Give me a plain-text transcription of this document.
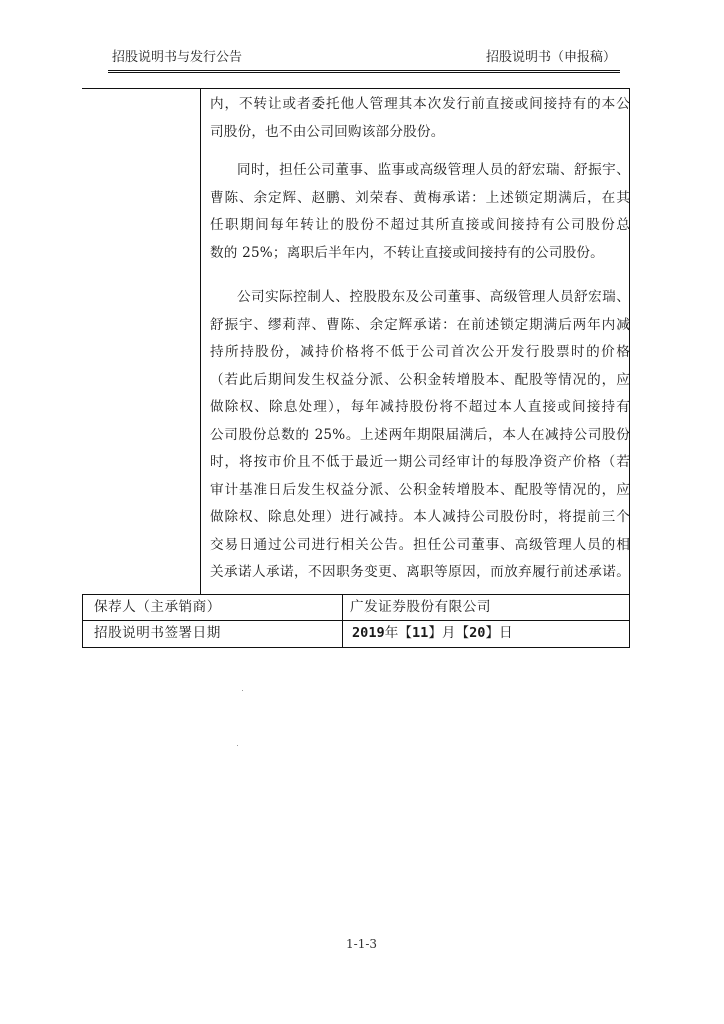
招股说明书与发行公告	招股说明书（申报稿）
内，不转让或者委托他人管理其本次发行前直接或间接持有的本公
司股份，也不由公司回购该部分股份。
同时，担任公司董事、监事或高级管理人员的舒宏瑞、舒振宇、
曹陈、余定辉、赵鹏、刘荣春、黄梅承诺：上述锁定期满后，在其
任职期间每年转让的股份不超过其所直接或间接持有公司股份总
数的 25%；离职后半年内，不转让直接或间接持有的公司股份。
公司实际控制人、控股股东及公司董事、高级管理人员舒宏瑞、
舒振宇、缪莉萍、曹陈、余定辉承诺：在前述锁定期满后两年内减
持所持股份，减持价格将不低于公司首次公开发行股票时的价格
（若此后期间发生权益分派、公积金转增股本、配股等情况的，应
做除权、除息处理），每年减持股份将不超过本人直接或间接持有
公司股份总数的 25%。上述两年期限届满后，本人在减持公司股份
时，将按市价且不低于最近一期公司经审计的每股净资产价格（若
审计基准日后发生权益分派、公积金转增股本、配股等情况的，应
做除权、除息处理）进行减持。本人减持公司股份时，将提前三个
交易日通过公司进行相关公告。担任公司董事、高级管理人员的相
关承诺人承诺，不因职务变更、离职等原因，而放弃履行前述承诺。
保荐人（主承销商）	广发证券股份有限公司
招股说明书签署日期	2019年【11】月【20】日
1-1-3
